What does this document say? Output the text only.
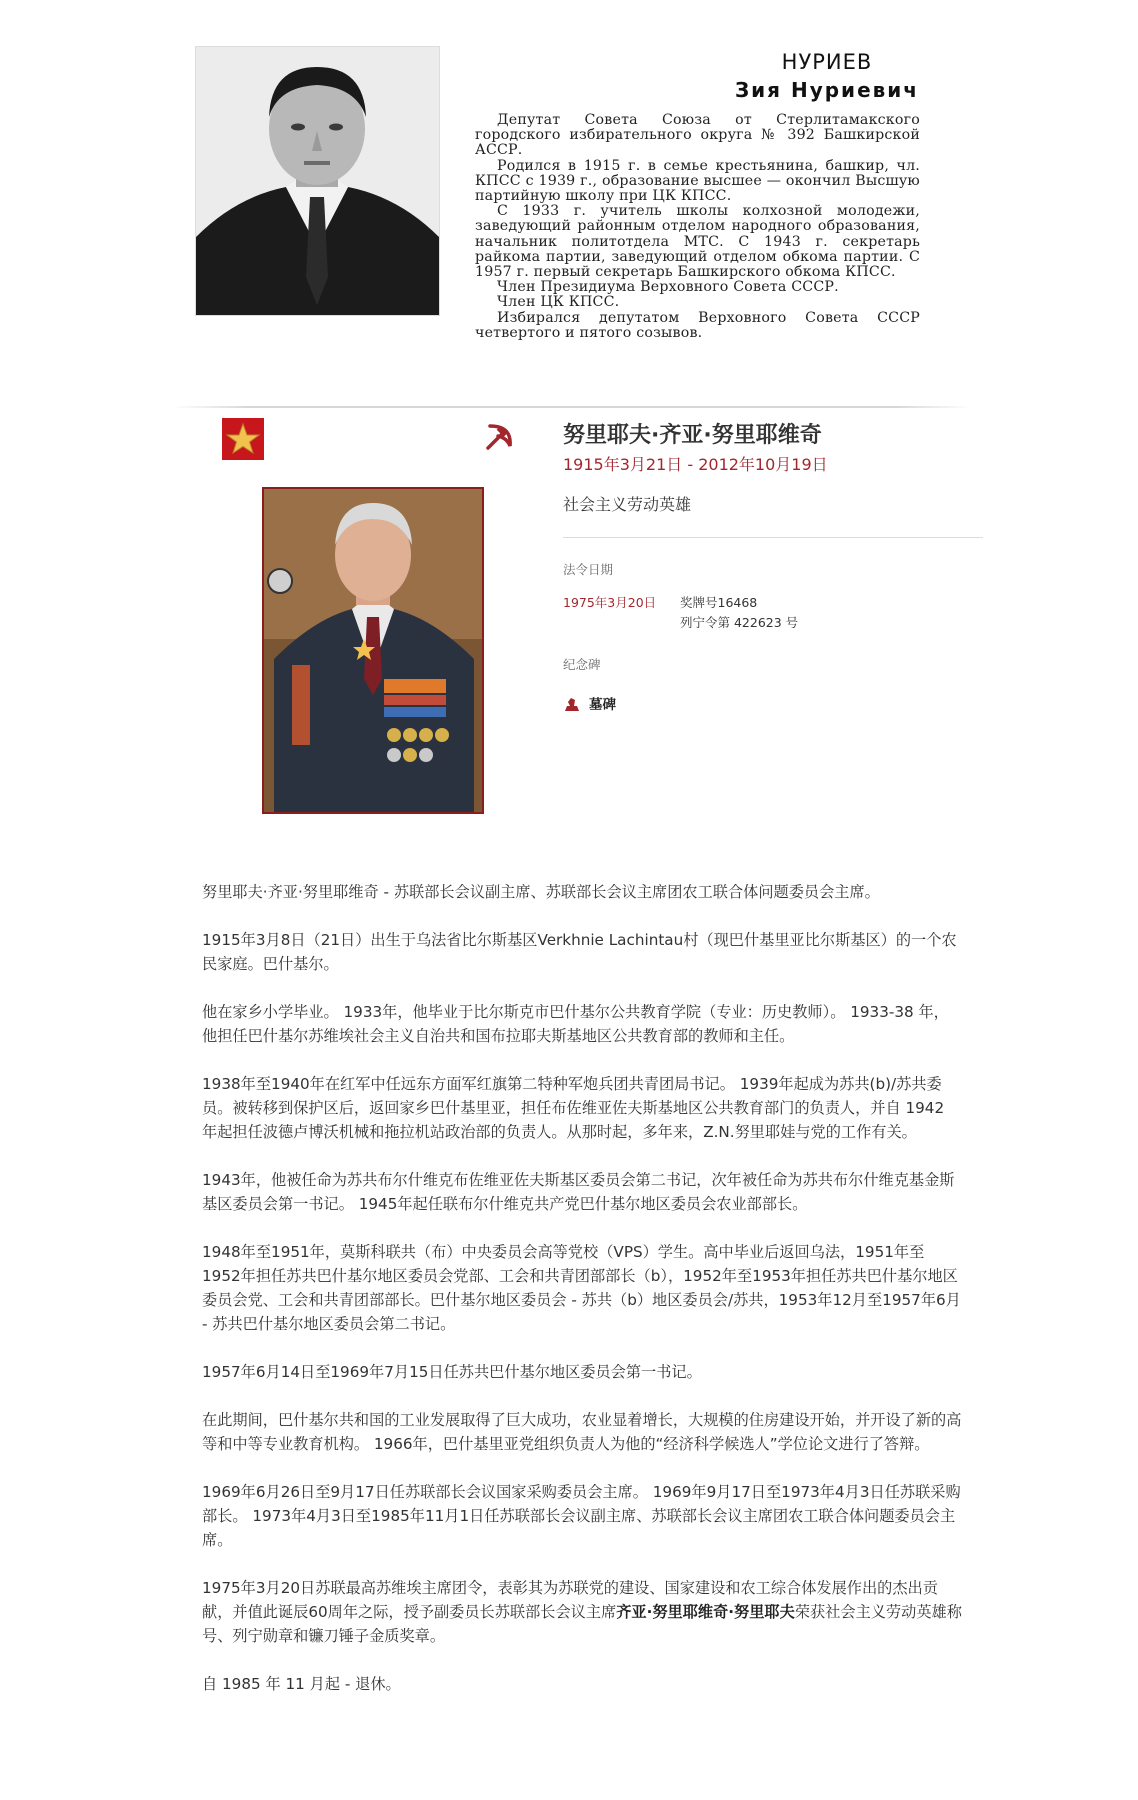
НУРИЕВ
Зия Нуриевич

Депутат Совета Союза от Стерлитамакского городского избирательного округа № 392 Башкирской АССР.

Родился в 1915 г. в семье крестьянина, башкир, чл. КПСС с 1939 г., образование высшее — окончил Высшую партийную школу при ЦК КПСС.

С 1933 г. учитель школы колхозной молодежи, заведующий районным отделом народного образования, начальник политотдела МТС. С 1943 г. секретарь райкома партии, заведующий отделом обкома партии. С 1957 г. первый секретарь Башкирского обкома КПСС.

Член Президиума Верховного Совета СССР.

Член ЦК КПСС.

Избирался депутатом Верховного Совета СССР четвертого и пятого созывов.

努里耶夫·齐亚·努里耶维奇
1915年3月21日 - 2012年10月19日
社会主义劳动英雄
法令日期
1975年3月20日 奖牌号16468
列宁令第 422623 号
纪念碑
墓碑

努里耶夫·齐亚·努里耶维奇 - 苏联部长会议副主席、苏联部长会议主席团农工联合体问题委员会主席。

1915年3月8日（21日）出生于乌法省比尔斯基区Verkhnie Lachintau村（现巴什基里亚比尔斯基区）的一个农民家庭。巴什基尔。

他在家乡小学毕业。 1933年，他毕业于比尔斯克市巴什基尔公共教育学院（专业：历史教师）。 1933-38 年，他担任巴什基尔苏维埃社会主义自治共和国布拉耶夫斯基地区公共教育部的教师和主任。

1938年至1940年在红军中任远东方面军红旗第二特种军炮兵团共青团局书记。 1939年起成为苏共(b)/苏共委员。被转移到保护区后，返回家乡巴什基里亚，担任布佐维亚佐夫斯基地区公共教育部门的负责人，并自 1942 年起担任波德卢博沃机械和拖拉机站政治部的负责人。从那时起，多年来，Z.N.努里耶娃与党的工作有关。

1943年，他被任命为苏共布尔什维克布佐维亚佐夫斯基区委员会第二书记，次年被任命为苏共布尔什维克基金斯基区委员会第一书记。 1945年起任联布尔什维克共产党巴什基尔地区委员会农业部部长。

1948年至1951年，莫斯科联共（布）中央委员会高等党校（VPS）学生。高中毕业后返回乌法，1951年至1952年担任苏共巴什基尔地区委员会党部、工会和共青团部部长（b），1952年至1953年担任苏共巴什基尔地区委员会党、工会和共青团部部长。巴什基尔地区委员会 - 苏共（b）地区委员会/苏共，1953年12月至1957年6月 - 苏共巴什基尔地区委员会第二书记。

1957年6月14日至1969年7月15日任苏共巴什基尔地区委员会第一书记。

在此期间，巴什基尔共和国的工业发展取得了巨大成功，农业显着增长，大规模的住房建设开始，并开设了新的高等和中等专业教育机构。 1966年，巴什基里亚党组织负责人为他的“经济科学候选人”学位论文进行了答辩。

1969年6月26日至9月17日任苏联部长会议国家采购委员会主席。 1969年9月17日至1973年4月3日任苏联采购部长。 1973年4月3日至1985年11月1日任苏联部长会议副主席、苏联部长会议主席团农工联合体问题委员会主席。

1975年3月20日苏联最高苏维埃主席团令，表彰其为苏联党的建设、国家建设和农工综合体发展作出的杰出贡献，并值此诞辰60周年之际，授予副委员长苏联部长会议主席齐亚·努里耶维奇·努里耶夫荣获社会主义劳动英雄称号、列宁勋章和镰刀锤子金质奖章。

自 1985 年 11 月起 - 退休。
